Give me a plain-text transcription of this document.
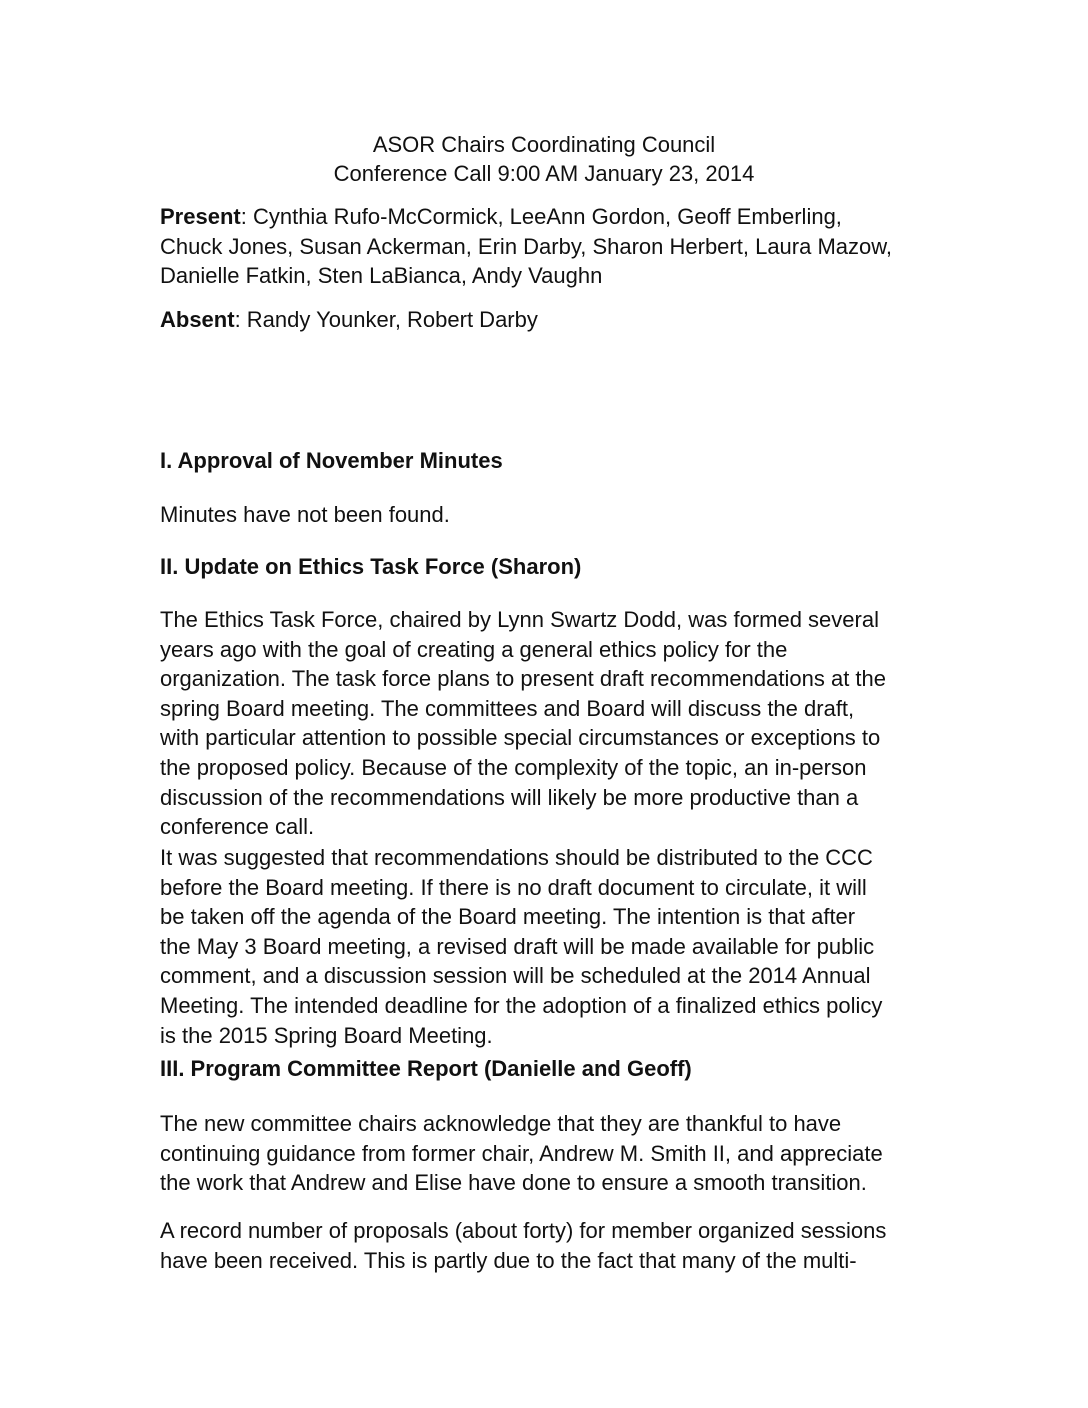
ASOR Chairs Coordinating Council
Conference Call 9:00 AM January 23, 2014
Present: Cynthia Rufo-McCormick, LeeAnn Gordon, Geoff Emberling,
Chuck Jones, Susan Ackerman, Erin Darby, Sharon Herbert, Laura Mazow,
Danielle Fatkin, Sten LaBianca, Andy Vaughn
Absent: Randy Younker, Robert Darby
I. Approval of November Minutes
Minutes have not been found.
II. Update on Ethics Task Force (Sharon)
The Ethics Task Force, chaired by Lynn Swartz Dodd, was formed several
years ago with the goal of creating a general ethics policy for the
organization. The task force plans to present draft recommendations at the
spring Board meeting. The committees and Board will discuss the draft,
with particular attention to possible special circumstances or exceptions to
the proposed policy. Because of the complexity of the topic, an in-person
discussion of the recommendations will likely be more productive than a
conference call.
It was suggested that recommendations should be distributed to the CCC
before the Board meeting. If there is no draft document to circulate, it will
be taken off the agenda of the Board meeting. The intention is that after
the May 3 Board meeting, a revised draft will be made available for public
comment, and a discussion session will be scheduled at the 2014 Annual
Meeting. The intended deadline for the adoption of a finalized ethics policy
is the 2015 Spring Board Meeting.
III. Program Committee Report (Danielle and Geoff)
The new committee chairs acknowledge that they are thankful to have
continuing guidance from former chair, Andrew M. Smith II, and appreciate
the work that Andrew and Elise have done to ensure a smooth transition.
A record number of proposals (about forty) for member organized sessions
have been received. This is partly due to the fact that many of the multi-
